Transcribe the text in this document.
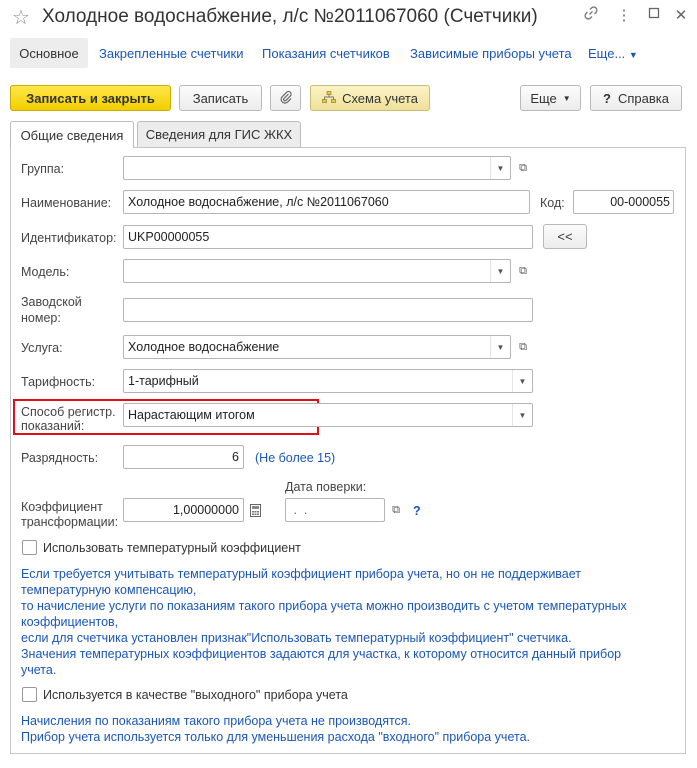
☆ Холодное водоснабжение, л/с №2011067060 (Счетчики)	⋮	✕
Основное	Закрепленные счетчики Показания счетчиков Зависимые приборы учета Еще... ▼
Записать и закрыть	Записать	Схема учета	Еще ▼ ? Справка
Общие сведения	Сведения для ГИС ЖКХ
Группа:	▼	⧉
Наименование:	Холодное водоснабжение, л/с №2011067060	Код:	00-000055
Идентификатор: UKP00000055	<<
Модель:	▼	⧉
Заводской
номер:
Услуга:	Холодное водоснабжение	▼	⧉
Тарифность:	1-тарифный	▼
Способ регистр.
показаний:
Нарастающим итогом	▼
Разрядность:	6	(Не более 15)
Коэффициент
трансформации:
1,00000000
Дата поверки:
.  .	⧉	?
Использовать температурный коэффициент
Если требуется учитывать температурный коэффициент прибора учета, но он не поддерживает
температурную компенсацию,
то начисление услуги по показаниям такого прибора учета можно производить с учетом температурных
коэффициентов,
если для счетчика установлен признак"Использовать температурный коэффициент" счетчика.
Значения температурных коэффициентов задаются для участка, к которому относится данный прибор
учета.
Используется в качестве "выходного" прибора учета
Начисления по показаниям такого прибора учета не производятся.
Прибор учета используется только для уменьшения расхода "входного" прибора учета.
